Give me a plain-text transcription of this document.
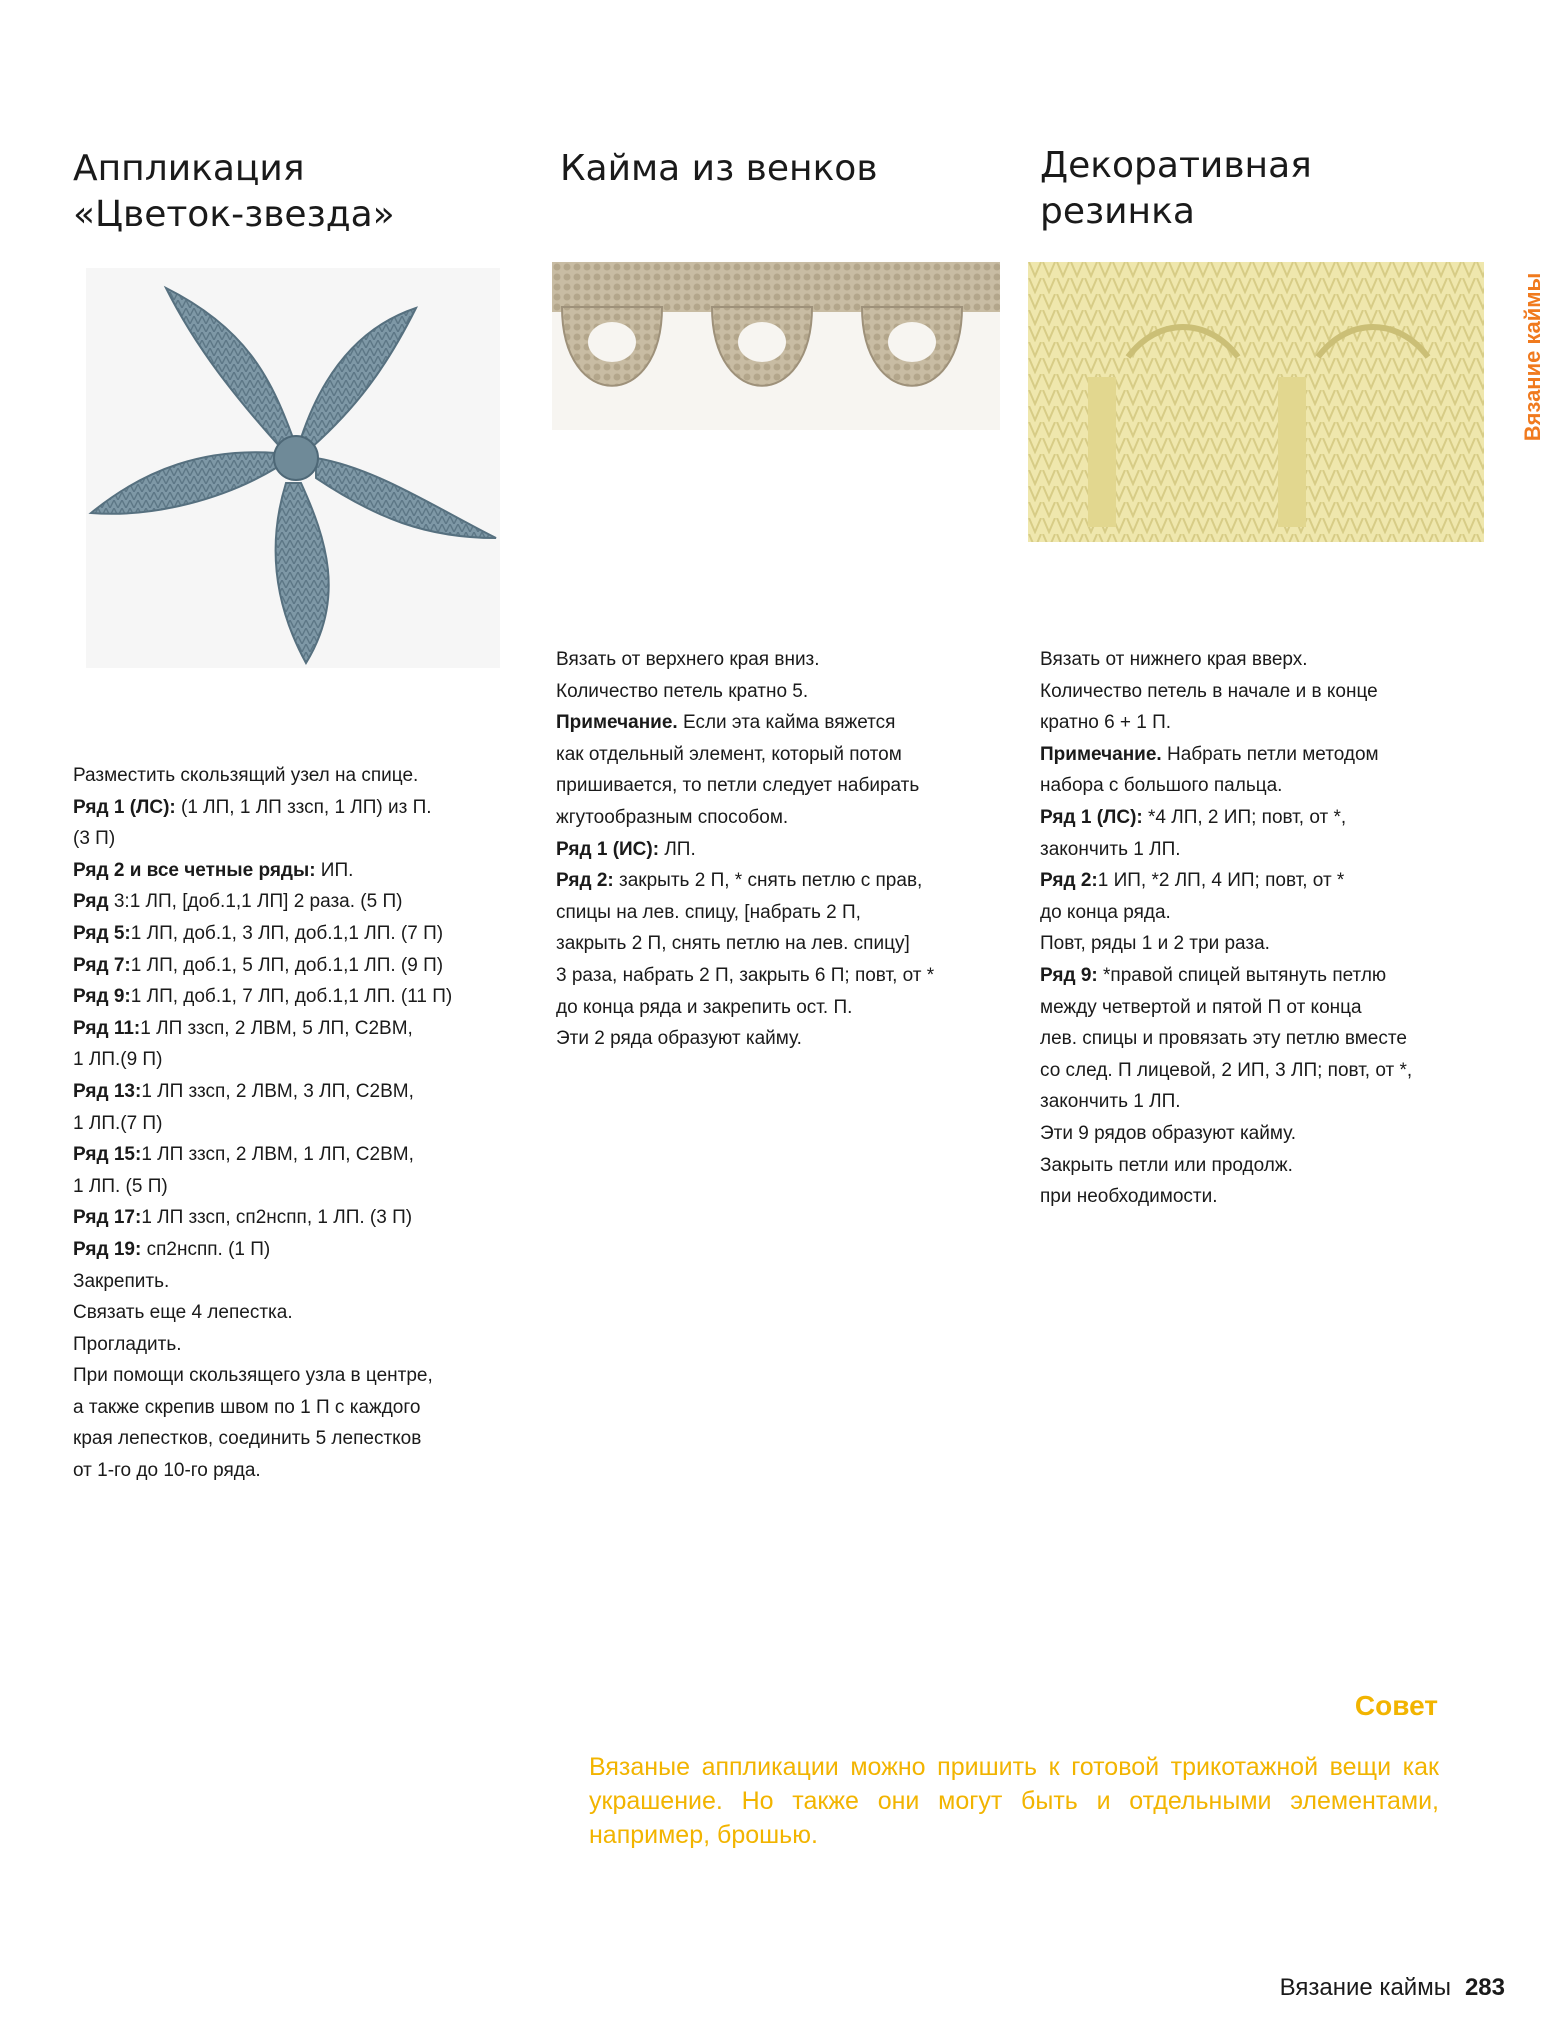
Аппликация
«Цветок-звезда»
Кайма из венков	Декоративная
резинка
Разместить скользящий узел на спице.
Ряд 1 (ЛС): (1 ЛП, 1 ЛП ззсп, 1 ЛП) из П.
(3 П)
Ряд 2 и все четные ряды: ИП.
Ряд 3:1 ЛП, [доб.1,1 ЛП] 2 раза. (5 П)
Ряд 5:1 ЛП, доб.1, 3 ЛП, доб.1,1 ЛП. (7 П)
Ряд 7:1 ЛП, доб.1, 5 ЛП, доб.1,1 ЛП. (9 П)
Ряд 9:1 ЛП, доб.1, 7 ЛП, доб.1,1 ЛП. (11 П)
Ряд 11:1 ЛП ззсп, 2 ЛВМ, 5 ЛП, С2ВМ,
1 ЛП.(9 П)
Ряд 13:1 ЛП ззсп, 2 ЛВМ, 3 ЛП, С2ВМ,
1 ЛП.(7 П)
Ряд 15:1 ЛП ззсп, 2 ЛВМ, 1 ЛП, С2ВМ,
1 ЛП. (5 П)
Ряд 17:1 ЛП ззсп, сп2нспп, 1 ЛП. (3 П)
Ряд 19: сп2нспп. (1 П)
Закрепить.
Связать еще 4 лепестка.
Прогладить.
При помощи скользящего узла в центре,
а также скрепив швом по 1 П с каждого
края лепестков, соединить 5 лепестков
от 1-го до 10-го ряда.
Вязать от верхнего края вниз.
Количество петель кратно 5.
Примечание. Если эта кайма вяжется
как отдельный элемент, который потом
пришивается, то петли следует набирать
жгутообразным способом.
Ряд 1 (ИС): ЛП.
Ряд 2: закрыть 2 П, * снять петлю с прав,
спицы на лев. спицу, [набрать 2 П,
закрыть 2 П, снять петлю на лев. спицу]
3 раза, набрать 2 П, закрыть 6 П; повт, от *
до конца ряда и закрепить ост. П.
Эти 2 ряда образуют кайму.
Вязать от нижнего края вверх.
Количество петель в начале и в конце
кратно 6 + 1 П.
Примечание. Набрать петли методом
набора с большого пальца.
Ряд 1 (ЛС): *4 ЛП, 2 ИП; повт, от *,
закончить 1 ЛП.
Ряд 2:1 ИП, *2 ЛП, 4 ИП; повт, от *
до конца ряда.
Повт, ряды 1 и 2 три раза.
Ряд 9: *правой спицей вытянуть петлю
между четвертой и пятой П от конца
лев. спицы и провязать эту петлю вместе
со след. П лицевой, 2 ИП, 3 ЛП; повт, от *,
закончить 1 ЛП.
Эти 9 рядов образуют кайму.
Закрыть петли или продолж.
при необходимости.
Вязание каймы
Совет
Вязаные аппликации можно пришить к готовой трикотажной вещи как украшение. Но также они могут быть и отдельными элементами, например, брошью.
Вязание каймы 283
